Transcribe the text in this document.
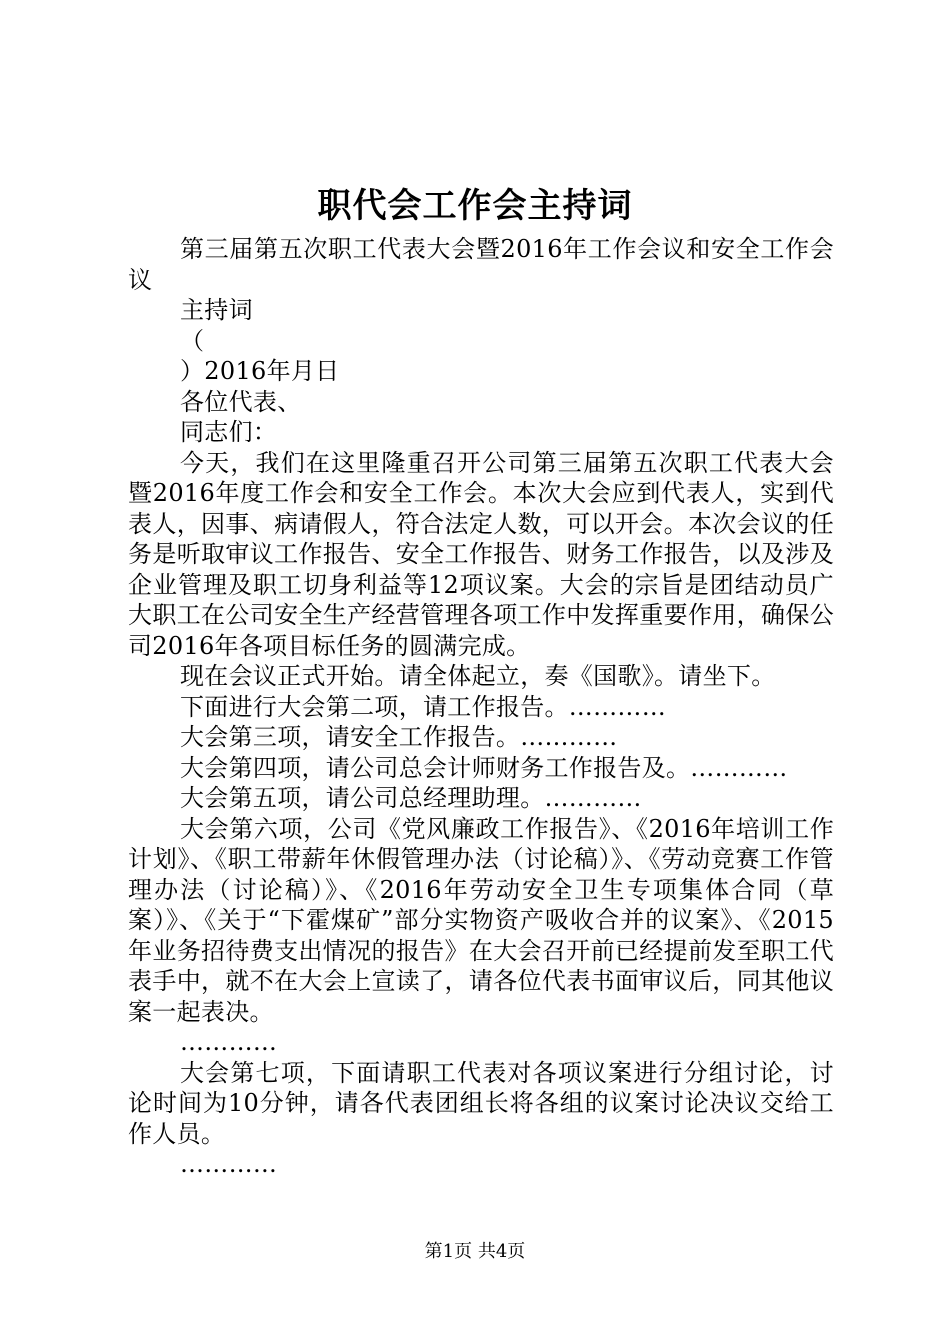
职代会工作会主持词

第三届第五次职工代表大会暨2016年工作会议和安全工作会议

主持词

（

）2016年月日

各位代表、

同志们：

今天，我们在这里隆重召开公司第三届第五次职工代表大会暨2016年度工作会和安全工作会。本次大会应到代表人，实到代表人，因事、病请假人，符合法定人数，可以开会。本次会议的任务是听取审议工作报告、安全工作报告、财务工作报告，以及涉及企业管理及职工切身利益等12项议案。大会的宗旨是团结动员广大职工在公司安全生产经营管理各项工作中发挥重要作用，确保公司2016年各项目标任务的圆满完成。

现在会议正式开始。请全体起立，奏《国歌》。请坐下。

下面进行大会第二项，请工作报告。…………

大会第三项，请安全工作报告。…………

大会第四项，请公司总会计师财务工作报告及。…………

大会第五项，请公司总经理助理。…………

大会第六项，公司《党风廉政工作报告》、《2016年培训工作计划》、《职工带薪年休假管理办法（讨论稿）》、《劳动竞赛工作管理办法（讨论稿）》、《2016年劳动安全卫生专项集体合同（草案）》、《关于“下霍煤矿”部分实物资产吸收合并的议案》、《2015年业务招待费支出情况的报告》在大会召开前已经提前发至职工代表手中，就不在大会上宣读了，请各位代表书面审议后，同其他议案一起表决。

…………

大会第七项，下面请职工代表对各项议案进行分组讨论，讨论时间为10分钟，请各代表团组长将各组的议案讨论决议交给工作人员。

…………

第1页 共4页
